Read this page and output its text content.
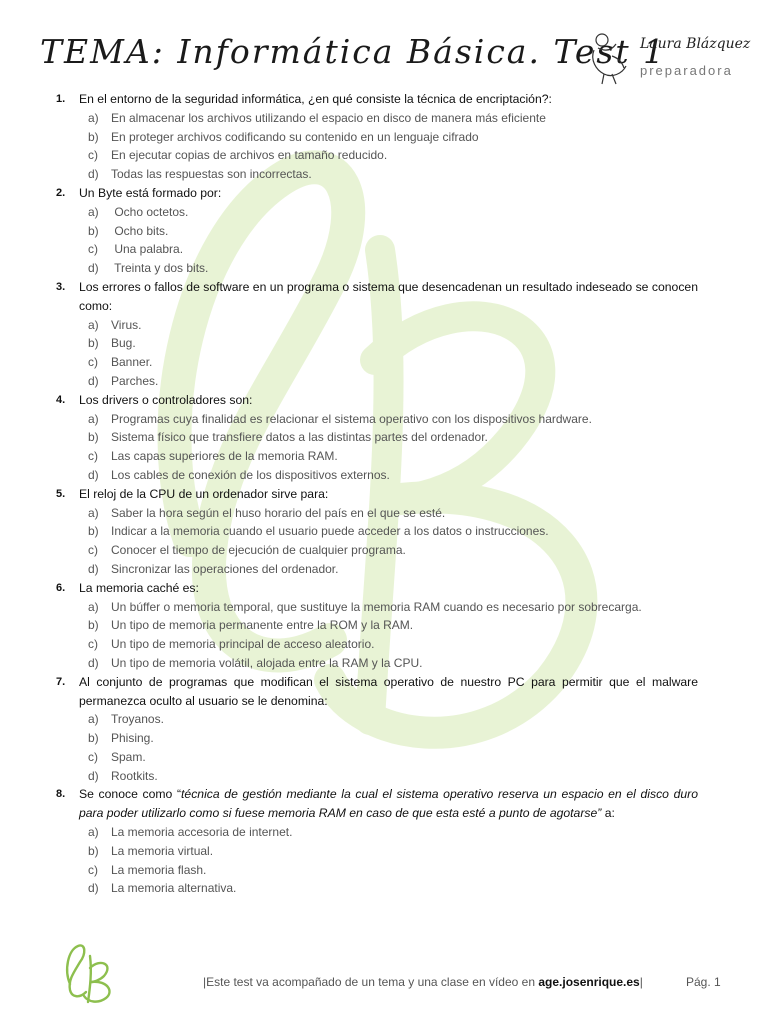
TEMA: Informática Básica. Test 1
Laura Blázquez
preparadora
1. En el entorno de la seguridad informática, ¿en qué consiste la técnica de encriptación?:

a) En almacenar los archivos utilizando el espacio en disco de manera más eficiente
b) En proteger archivos codificando su contenido en un lenguaje cifrado
c) En ejecutar copias de archivos en tamaño reducido.
d) Todas las respuestas son incorrectas.
2. Un Byte está formado por:

a) Ocho octetos.
b) Ocho bits.
c) Una palabra.
d) Treinta y dos bits.
3. Los errores o fallos de software en un programa o sistema que desencadenan un resultado indeseado se conocen como:

a) Virus.
b) Bug.
c) Banner.
d) Parches.
4. Los drivers o controladores son:

a) Programas cuya finalidad es relacionar el sistema operativo con los dispositivos hardware.
b) Sistema físico que transfiere datos a las distintas partes del ordenador.
c) Las capas superiores de la memoria RAM.
d) Los cables de conexión de los dispositivos externos.
5. El reloj de la CPU de un ordenador sirve para:

a) Saber la hora según el huso horario del país en el que se esté.
b) Indicar a la memoria cuando el usuario puede acceder a los datos o instrucciones.
c) Conocer el tiempo de ejecución de cualquier programa.
d) Sincronizar las operaciones del ordenador.
6. La memoria caché es:

a) Un búffer o memoria temporal, que sustituye la memoria RAM cuando es necesario por sobrecarga.
b) Un tipo de memoria permanente entre la ROM y la RAM.
c) Un tipo de memoria principal de acceso aleatorio.
d) Un tipo de memoria volátil, alojada entre la RAM y la CPU.
7. Al conjunto de programas que modifican el sistema operativo de nuestro PC para permitir que el malware permanezca oculto al usuario se le denomina:

a) Troyanos.
b) Phising.
c) Spam.
d) Rootkits.
8. Se conoce como “técnica de gestión mediante la cual el sistema operativo reserva un espacio en el disco duro para poder utilizarlo como si fuese memoria RAM en caso de que esta esté a punto de agotarse” a:

a) La memoria accesoria de internet.
b) La memoria virtual.
c) La memoria flash.
d) La memoria alternativa.
|Este test va acompañado de un tema y una clase en vídeo en age.josenrique.es|	Pág. 1
